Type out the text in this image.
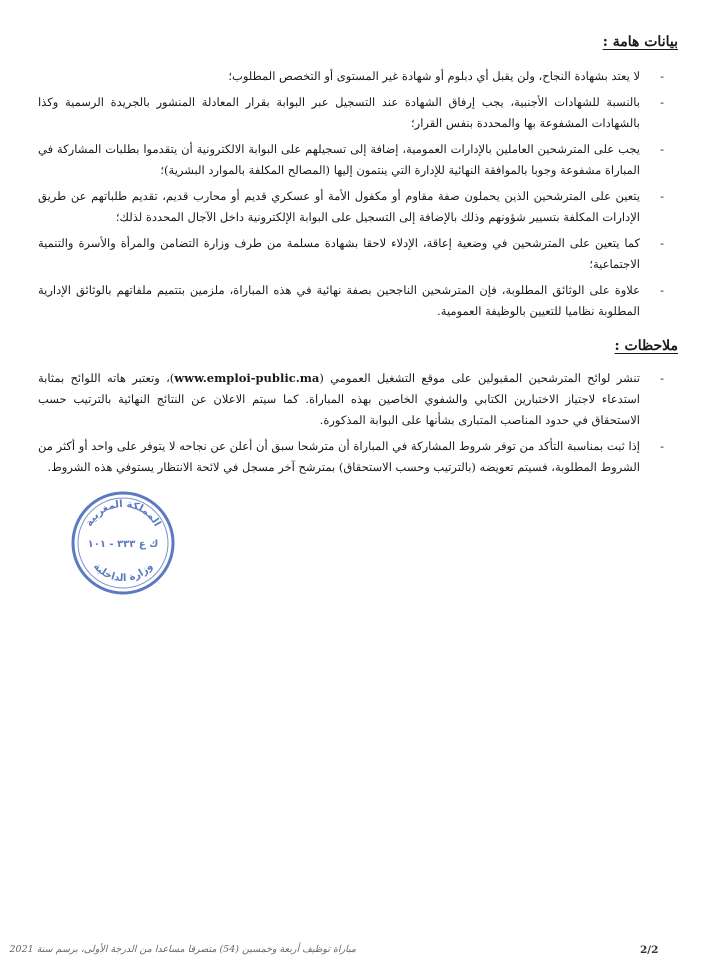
بيانات هامة :
-
لا يعتد بشهادة النجاح، ولن يقبل أي دبلوم أو شهادة غير المستوى أو التخصص المطلوب؛
-
بالنسبة للشهادات الأجنبية، يجب إرفاق الشهادة عند التسجيل عبر البوابة بقرار المعادلة المنشور بالجريدة الرسمية وكذا بالشهادات المشفوعة بها والمحددة بنفس القرار؛
-
يجب على المترشحين العاملين بالإدارات العمومية، إضافة إلى تسجيلهم على البوابة الالكترونية أن يتقدموا بطلبات المشاركة في المباراة مشفوعة وجوبا بالموافقة النهائية للإدارة التي ينتمون إليها (المصالح المكلفة بالموارد البشرية)؛
-
يتعين على المترشحين الذين يحملون صفة مقاوم أو مكفول الأمة أو عسكري قديم أو محارب قديم، تقديم طلباتهم عن طريق الإدارات المكلفة بتسيير شؤونهم وذلك بالإضافة إلى التسجيل على البوابة الإلكترونية داخل الآجال المحددة لذلك؛
-
كما يتعين على المترشحين في وضعية إعاقة، الإدلاء لاحقا بشهادة مسلمة من طرف وزارة التضامن والمرأة والأسرة والتنمية الاجتماعية؛
-
علاوة على الوثائق المطلوبة، فإن المترشحين الناجحين بصفة نهائية في هذه المباراة، ملزمين بتتميم ملفاتهم بالوثائق الإدارية المطلوبة نظاميا للتعيين بالوظيفة العمومية.
ملاحظات :
-
تنشر لوائح المترشحين المقبولين على موقع التشغيل العمومي (www.emploi-public.ma)، وتعتبر هاته اللوائح بمثابة استدعاء لاجتياز الاختبارين الكتابي والشفوي الخاصين بهذه المباراة. كما سيتم الاعلان عن النتائج النهائية بالترتيب حسب الاستحقاق في حدود المناصب المتبارى بشأنها على البوابة المذكورة.
-
إذا ثبت بمناسبة التأكد من توفر شروط المشاركة في المباراة أن مترشحا سبق أن أعلن عن نجاحه لا يتوفر على واحد أو أكثر من الشروط المطلوبة، فسيتم تعويضه (بالترتيب وحسب الاستحقاق) بمترشح آخر مسجل في لائحة الانتظار يستوفي هذه الشروط.
المملكة المغربية
ك ع ٣٣٣ - ١٠١
وزارة الداخلية
مباراة توظيف أربعة وخمسين (54) متصرفا مساعدا من الدرجة الأولى، برسم سنة 2021	2/2
